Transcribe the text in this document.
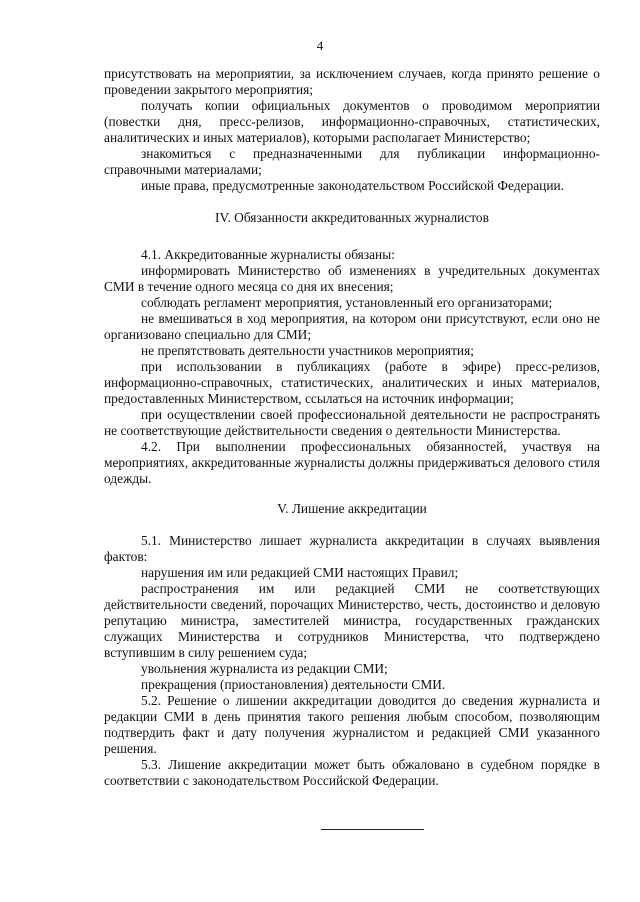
4

присутствовать на мероприятии, за исключением случаев, когда принято решение о проведении закрытого мероприятия;

получать копии официальных документов о проводимом мероприятии (повестки дня, пресс-релизов, информационно-справочных, статистических, аналитических и иных материалов), которыми располагает Министерство;

знакомиться с предназначенными для публикации информационно-справочными материалами;

иные права, предусмотренные законодательством Российской Федерации.

IV. Обязанности аккредитованных журналистов

4.1. Аккредитованные журналисты обязаны:

информировать Министерство об изменениях в учредительных документах СМИ в течение одного месяца со дня их внесения;

соблюдать регламент мероприятия, установленный его организаторами;

не вмешиваться в ход мероприятия, на котором они присутствуют, если оно не организовано специально для СМИ;

не препятствовать деятельности участников мероприятия;

при использовании в публикациях (работе в эфире) пресс-релизов, информационно-справочных, статистических, аналитических и иных материалов, предоставленных Министерством, ссылаться на источник информации;

при осуществлении своей профессиональной деятельности не распространять не соответствующие действительности сведения о деятельности Министерства.

4.2. При выполнении профессиональных обязанностей, участвуя на мероприятиях, аккредитованные журналисты должны придерживаться делового стиля одежды.

V. Лишение аккредитации

5.1. Министерство лишает журналиста аккредитации в случаях выявления фактов:

нарушения им или редакцией СМИ настоящих Правил;

распространения им или редакцией СМИ не соответствующих действительности сведений, порочащих Министерство, честь, достоинство и деловую репутацию министра, заместителей министра, государственных гражданских служащих Министерства и сотрудников Министерства, что подтверждено вступившим в силу решением суда;

увольнения журналиста из редакции СМИ;

прекращения (приостановления) деятельности СМИ.

5.2. Решение о лишении аккредитации доводится до сведения журналиста и редакции СМИ в день принятия такого решения любым способом, позволяющим подтвердить факт и дату получения журналистом и редакцией СМИ указанного решения.

5.3. Лишение аккредитации может быть обжаловано в судебном порядке в соответствии с законодательством Российской Федерации.
